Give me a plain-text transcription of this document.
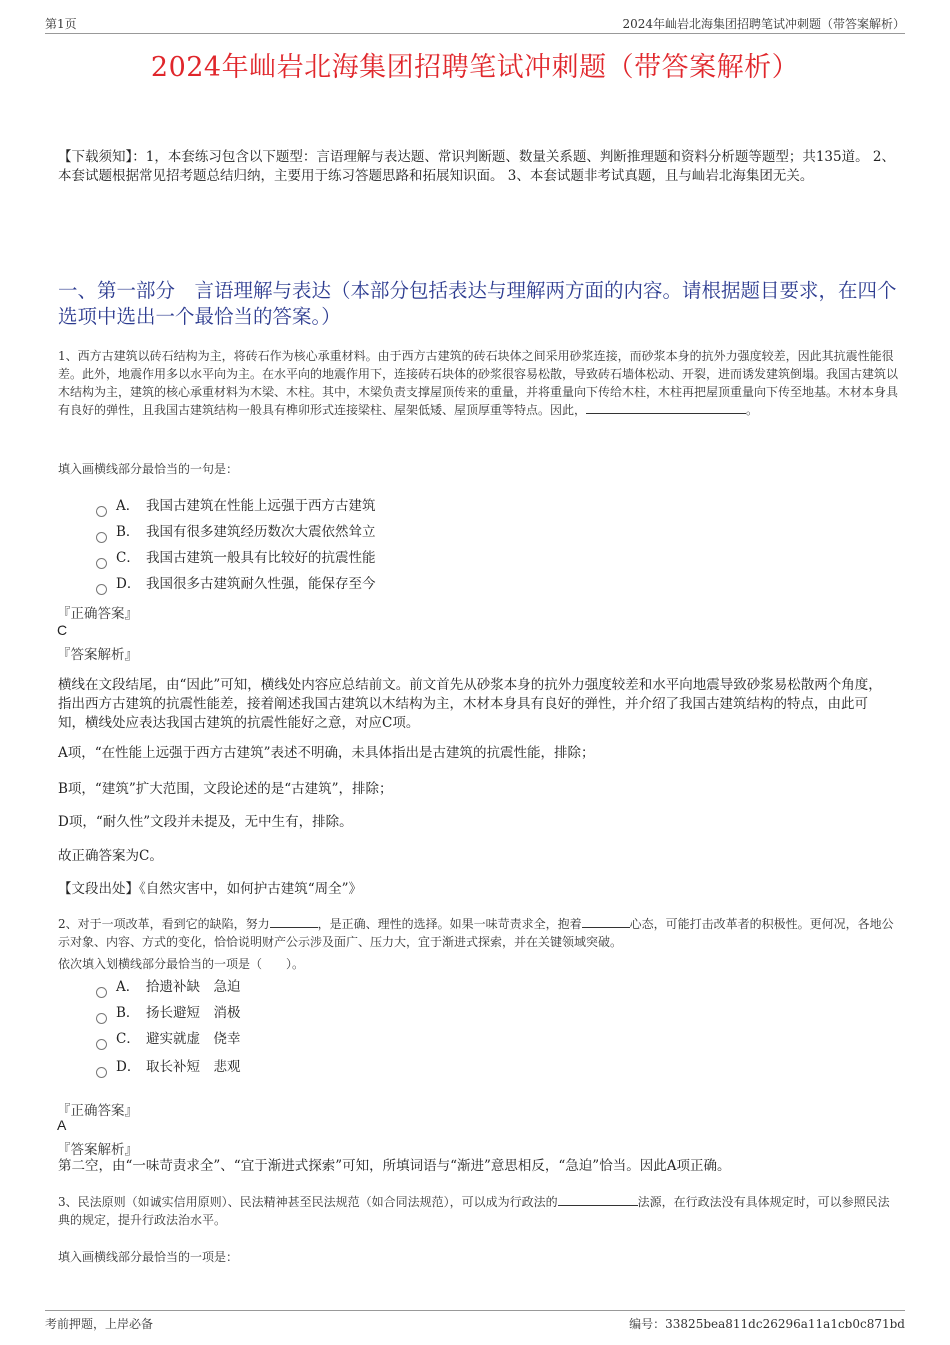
第1页	2024年屾岩北海集团招聘笔试冲刺题（带答案解析）
2024年屾岩北海集团招聘笔试冲刺题（带答案解析）
【下载须知】：1，本套练习包含以下题型：言语理解与表达题、常识判断题、数量关系题、判断推理题和资料分析题等题型；共135道。 2、本套试题根据常见招考题总结归纳，主要用于练习答题思路和拓展知识面。 3、本套试题非考试真题，且与屾岩北海集团无关。
一、第一部分　言语理解与表达（本部分包括表达与理解两方面的内容。请根据题目要求，在四个选项中选出一个最恰当的答案。）
1、西方古建筑以砖石结构为主，将砖石作为核心承重材料。由于西方古建筑的砖石块体之间采用砂浆连接，而砂浆本身的抗外力强度较差，因此其抗震性能很差。此外，地震作用多以水平向为主。在水平向的地震作用下，连接砖石块体的砂浆很容易松散，导致砖石墙体松动、开裂，进而诱发建筑倒塌。我国古建筑以木结构为主，建筑的核心承重材料为木梁、木柱。其中，木梁负责支撑屋顶传来的重量，并将重量向下传给木柱，木柱再把屋顶重量向下传至地基。木材本身具有良好的弹性，且我国古建筑结构一般具有榫卯形式连接梁柱、屋架低矮、屋顶厚重等特点。因此，	。
填入画横线部分最恰当的一句是：
A． 我国古建筑在性能上远强于西方古建筑
B． 我国有很多建筑经历数次大震依然耸立
C． 我国古建筑一般具有比较好的抗震性能
D． 我国很多古建筑耐久性强，能保存至今
『正确答案』
C
『答案解析』
横线在文段结尾，由“因此”可知，横线处内容应总结前文。前文首先从砂浆本身的抗外力强度较差和水平向地震导致砂浆易松散两个角度，指出西方古建筑的抗震性能差，接着阐述我国古建筑以木结构为主，木材本身具有良好的弹性，并介绍了我国古建筑结构的特点，由此可知，横线处应表达我国古建筑的抗震性能好之意，对应C项。
A项，“在性能上远强于西方古建筑”表述不明确，未具体指出是古建筑的抗震性能，排除；
B项，“建筑”扩大范围，文段论述的是“古建筑”，排除；
D项，“耐久性”文段并未提及，无中生有，排除。
故正确答案为C。
【文段出处】《自然灾害中，如何护古建筑“周全”》
2、对于一项改革，看到它的缺陷，努力	，是正确、理性的选择。如果一味苛责求全，抱着	心态，可能打击改革者的积极性。更何况，各地公示对象、内容、方式的变化，恰恰说明财产公示涉及面广、压力大，宜于渐进式探索，并在关键领域突破。
依次填入划横线部分最恰当的一项是（　　）。
A． 拾遗补缺　急迫
B． 扬长避短　消极
C． 避实就虚　侥幸
D． 取长补短　悲观
『正确答案』
A
『答案解析』
第二空，由“一味苛责求全”、“宜于渐进式探索”可知，所填词语与“渐进”意思相反，“急迫”恰当。因此A项正确。
3、民法原则（如诚实信用原则）、民法精神甚至民法规范（如合同法规范），可以成为行政法的	法源，在行政法没有具体规定时，可以参照民法典的规定，提升行政法治水平。
填入画横线部分最恰当的一项是：
考前押题，上岸必备	编号：33825bea811dc26296a11a1cb0c871bd
